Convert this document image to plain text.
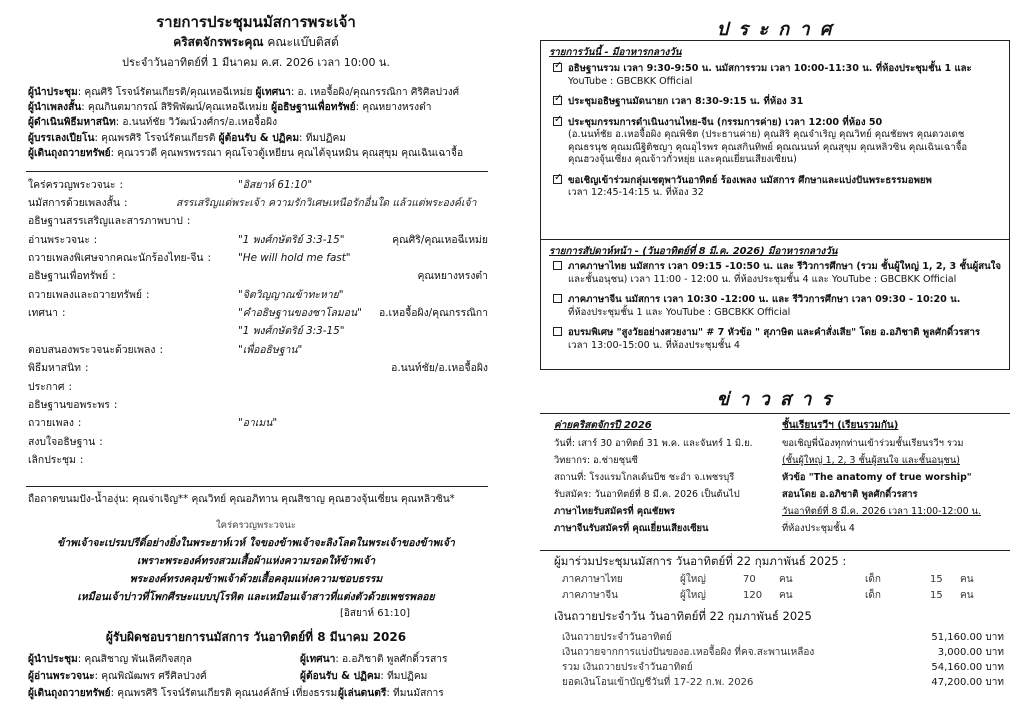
รายการประชุมนมัสการพระเจ้า
คริสตจักรพระคุณ คณะแบ๊บติสต์
ประจำวันอาทิตย์ที่ 1 มีนาคม ค.ศ. 2026 เวลา 10:00 น.
ผู้นำประชุม: คุณศิริ โรจน์รัตนเกียรติ/คุณเหอฉีเหม่ย ผู้เทศนา: อ. เหอจื้อผิง/คุณกรรณิกา ศิริศิลปวงศ์
ผู้นำเพลงสั้น: คุณกินตมากรณ์ สิริพิพัฒน์/คุณเหอฉีเหม่ย ผู้อธิษฐานเพื่อทรัพย์: คุณหยางหรงต๋า
ผู้ดำเนินพิธีมหาสนิท: อ.นนท์ชัย วิวัฒน์วงศ์กร/อ.เหอจื้อผิง
ผู้บรรเลงเปียโน: คุณพรศิริ โรจน์รัตนเกียรติ ผู้ต้อนรับ & ปฏิคม: ทีมปฏิคม
ผู้เดินถุงถวายทรัพย์: คุณวรวดี คุณพรพรรณา คุณโจวตู้เหยียน คุณไต้จุนหมิน คุณสุขุม คุณเฉินเฉาจื้อ
ใคร่ครวญพระวจนะ :	"อิสยาห์ 61:10"
นมัสการด้วยเพลงสั้น :	สรรเสริญแด่พระเจ้า ความรักวิเศษเหนือรักอื่นใด แล้วแต่พระองค์เจ้า
อธิษฐานสรรเสริญและสารภาพบาป :
อ่านพระวจนะ :	"1 พงศ์กษัตริย์ 3:3-15"	คุณศิริ/คุณเหอฉีเหม่ย
ถวายเพลงพิเศษจากคณะนักร้องไทย-จีน :	"He will hold me fast"
อธิษฐานเพื่อทรัพย์ :	คุณหยางหรงต๋า
ถวายเพลงและถวายทรัพย์ :	"จิตวิญญาณข้าทะหาย"
เทศนา :	"คำอธิษฐานของซาโลมอน" อ.เหอจื้อผิง/คุณกรรณิกา
"1 พงศ์กษัตริย์ 3:3-15"
ตอบสนองพระวจนะด้วยเพลง :	"เพื่ออธิษฐาน"
พิธีมหาสนิท :	อ.นนท์ชัย/อ.เหอจื้อผิง
ประกาศ :
อธิษฐานขอพระพร :
ถวายเพลง :	"อาเมน"
สงบใจอธิษฐาน :
เลิกประชุม :
ถือถาดขนมปัง-น้ำองุ่น: คุณจ่าเจิญ** คุณวิทย์ คุณอภิทาน คุณสิชาญ คุณฮวงจุ้นเซี่ยน คุณหลิวซิน*
ใคร่ครวญพระวจนะ
ข้าพเจ้าจะเปรมปรีดิ์อย่างยิ่งในพระยาห์เวห์ ใจของข้าพเจ้าจะลิงโลดในพระเจ้าของข้าพเจ้า
เพราะพระองค์ทรงสวมเสื้อผ้าแห่งความรอดให้ข้าพเจ้า
พระองค์ทรงคลุมข้าพเจ้าด้วยเสื้อคลุมแห่งความชอบธรรม
เหมือนเจ้าบ่าวที่โพกศีรษะแบบปุโรหิต และเหมือนเจ้าสาวที่แต่งตัวด้วยเพชรพลอย
[อิสยาห์ 61:10]
ผู้รับผิดชอบรายการนมัสการ วันอาทิตย์ที่ 8 มีนาคม 2026
ผู้นำประชุม: คุณสิชาญ พันเลิศกิจสกุล	ผู้เทศนา: อ.อภิชาติ พูลศักดิ์วรสาร
ผู้อ่านพระวจนะ: คุณพิณัฒพร ศรีศิลปวงศ์	ผู้ต้อนรับ & ปฏิคม: ทีมปฏิคม
ผู้เดินถุงถวายทรัพย์: คุณพรศิริ โรจน์รัตนเกียรติ คุณนงค์ลักษ์ เที่ยงธรรม ผู้เล่นดนตรี: ทีมนมัสการ
ป ร ะ ก า ศ
รายการวันนี้ - มีอาหารกลางวัน
✓อธิษฐานรวม เวลา 9:30-9:50 น. นมัสการรวม เวลา 10:00-11:30 น. ที่ห้องประชุมชั้น 1 และ
YouTube : GBCBKK Official
✓ประชุมอธิษฐานมัดนายก เวลา 8:30-9:15 น. ที่ห้อง 31
✓ประชุมกรรมการดำเนินงานไทย-จีน (กรรมการค่าย) เวลา 12:00 ที่ห้อง 50
(อ.นนท์ชัย อ.เหอจื้อผิง คุณพิชิต (ประธานค่าย) คุณสิริ คุณจำเริญ คุณวิทย์ คุณชัยพร คุณดวงเดช
คุณธรนุช คุณมณีฐิติชญา คุณอุไรพร คุณสกินทิพย์ คุณณนนท์ คุณสุขุม คุณหลิวซิน คุณเฉินเฉาจื้อ
คุณฮวงจุ้นเซี่ยง คุณจ้าวกั๋วหยุ่ย และคุณเยี่ยนเสียงเซียน)
✓ขอเชิญเข้าร่วมกลุ่มเชตุพาวันอาทิตย์ ร้องเพลง นมัสการ ศึกษาและแบ่งปันพระธรรมอพยพ
เวลา 12:45-14:15 น. ที่ห้อง 32
รายการสัปดาห์หน้า - (วันอาทิตย์ที่ 8 มี.ค. 2026) มีอาหารกลางวัน
ภาคภาษาไทย นมัสการ เวลา 09:15 -10:50 น. และ รีวิวการศึกษา (รวม ชั้นผู้ใหญ่ 1, 2, 3 ชั้นผู้สนใจ
และชั้นอนุชน) เวลา 11:00 - 12:00 น. ที่ห้องประชุมชั้น 4 และ YouTube : GBCBKK Official
ภาคภาษาจีน นมัสการ เวลา 10:30 -12:00 น. และ รีวิวการศึกษา เวลา 09:30 - 10:20 น.
ที่ห้องประชุมชั้น 1 และ YouTube : GBCBKK Official
อบรมพิเศษ "สูงวัยอย่างสวยงาม" # 7 หัวข้อ " สุภาษิต และคำสั่งเสีย" โดย อ.อภิชาติ พูลศักดิ์วรสาร
เวลา 13:00-15:00 น. ที่ห้องประชุมชั้น 4
ข่ า ว ส า ร
ค่ายคริสตจักรปี 2026
วันที่: เสาร์ 30 อาทิตย์ 31 พ.ค. และจันทร์ 1 มิ.ย.
วิทยากร: อ.ช่ายชุนซี
สถานที่: โรงแรมโกลเด้นบีช ชะอำ จ.เพชรบุรี
รับสมัคร: วันอาทิตย์ที่ 8 มี.ค. 2026 เป็นต้นไป
ภาษาไทยรับสมัครที่ คุณชัยพร
ภาษาจีนรับสมัครที่ คุณเยี่ยนเสียงเซียน
ชั้นเรียนรวีฯ (เรียนรวมกัน)
ขอเชิญพี่น้องทุกท่านเข้าร่วมชั้นเรียนรวีฯ รวม
(ชั้นผู้ใหญ่ 1, 2, 3 ชั้นผู้สนใจ และชั้นอนุชน)
หัวข้อ "The anatomy of true worship"
สอนโดย อ.อภิชาติ พูลศักดิ์วรสาร
วันอาทิตย์ที่ 8 มี.ค. 2026 เวลา 11:00-12:00 น.
ที่ห้องประชุมชั้น 4
ผู้มาร่วมประชุมนมัสการ วันอาทิตย์ที่ 22 กุมภาพันธ์ 2025 :
ภาคภาษาไทย	ผู้ใหญ่	70 คน	เด็ก	15 คน
ภาคภาษาจีน	ผู้ใหญ่	120 คน	เด็ก	15 คน
เงินถวายประจำวัน วันอาทิตย์ที่ 22 กุมภาพันธ์ 2025
เงินถวายประจำวันอาทิตย์	51,160.00 บาท
เงินถวายจากการแบ่งปันของอ.เหอจื้อผิง ที่คจ.สะพานเหลือง	3,000.00 บาท
รวม เงินถวายประจำวันอาทิตย์	54,160.00 บาท
ยอดเงินโอนเข้าบัญชีวันที่ 17-22 ก.พ. 2026	47,200.00 บาท
